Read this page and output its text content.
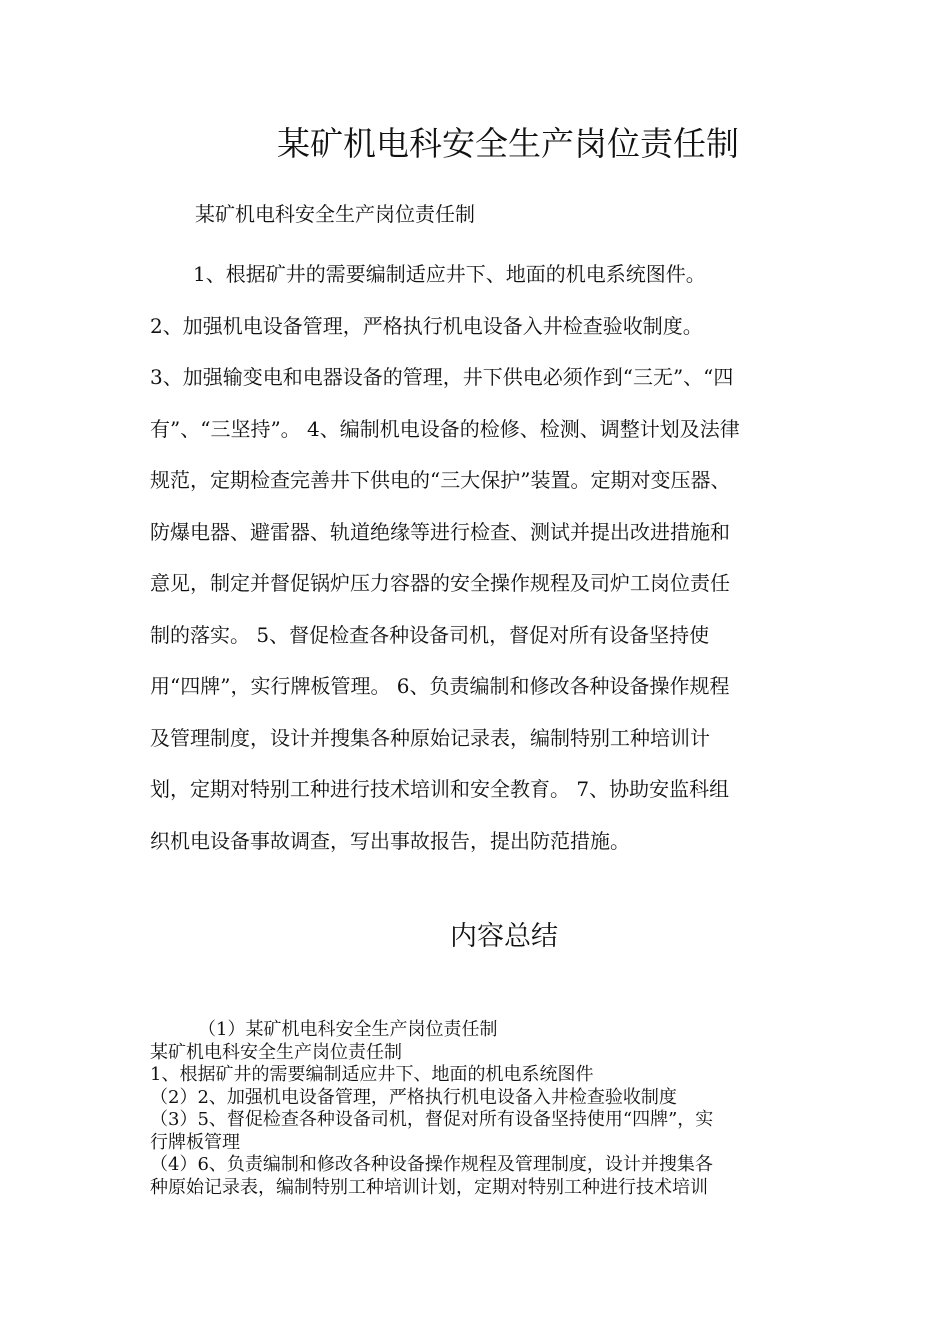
某矿机电科安全生产岗位责任制

某矿机电科安全生产岗位责任制

1、根据矿井的需要编制适应井下、地面的机电系统图件。

2、加强机电设备管理，严格执行机电设备入井检查验收制度。

3、加强输变电和电器设备的管理，井下供电必须作到“三无”、“四

有”、“三坚持”。 4、编制机电设备的检修、检测、调整计划及法律

规范，定期检查完善井下供电的“三大保护”装置。定期对变压器、

防爆电器、避雷器、轨道绝缘等进行检查、测试并提出改进措施和

意见，制定并督促锅炉压力容器的安全操作规程及司炉工岗位责任

制的落实。 5、督促检查各种设备司机，督促对所有设备坚持使

用“四牌”，实行牌板管理。 6、负责编制和修改各种设备操作规程

及管理制度，设计并搜集各种原始记录表，编制特别工种培训计

划，定期对特别工种进行技术培训和安全教育。 7、协助安监科组

织机电设备事故调查，写出事故报告，提出防范措施。

内容总结

（1）某矿机电科安全生产岗位责任制

某矿机电科安全生产岗位责任制

1、根据矿井的需要编制适应井下、地面的机电系统图件

（2）2、加强机电设备管理，严格执行机电设备入井检查验收制度

（3）5、督促检查各种设备司机，督促对所有设备坚持使用“四牌”，实

行牌板管理

（4）6、负责编制和修改各种设备操作规程及管理制度，设计并搜集各

种原始记录表，编制特别工种培训计划，定期对特别工种进行技术培训
